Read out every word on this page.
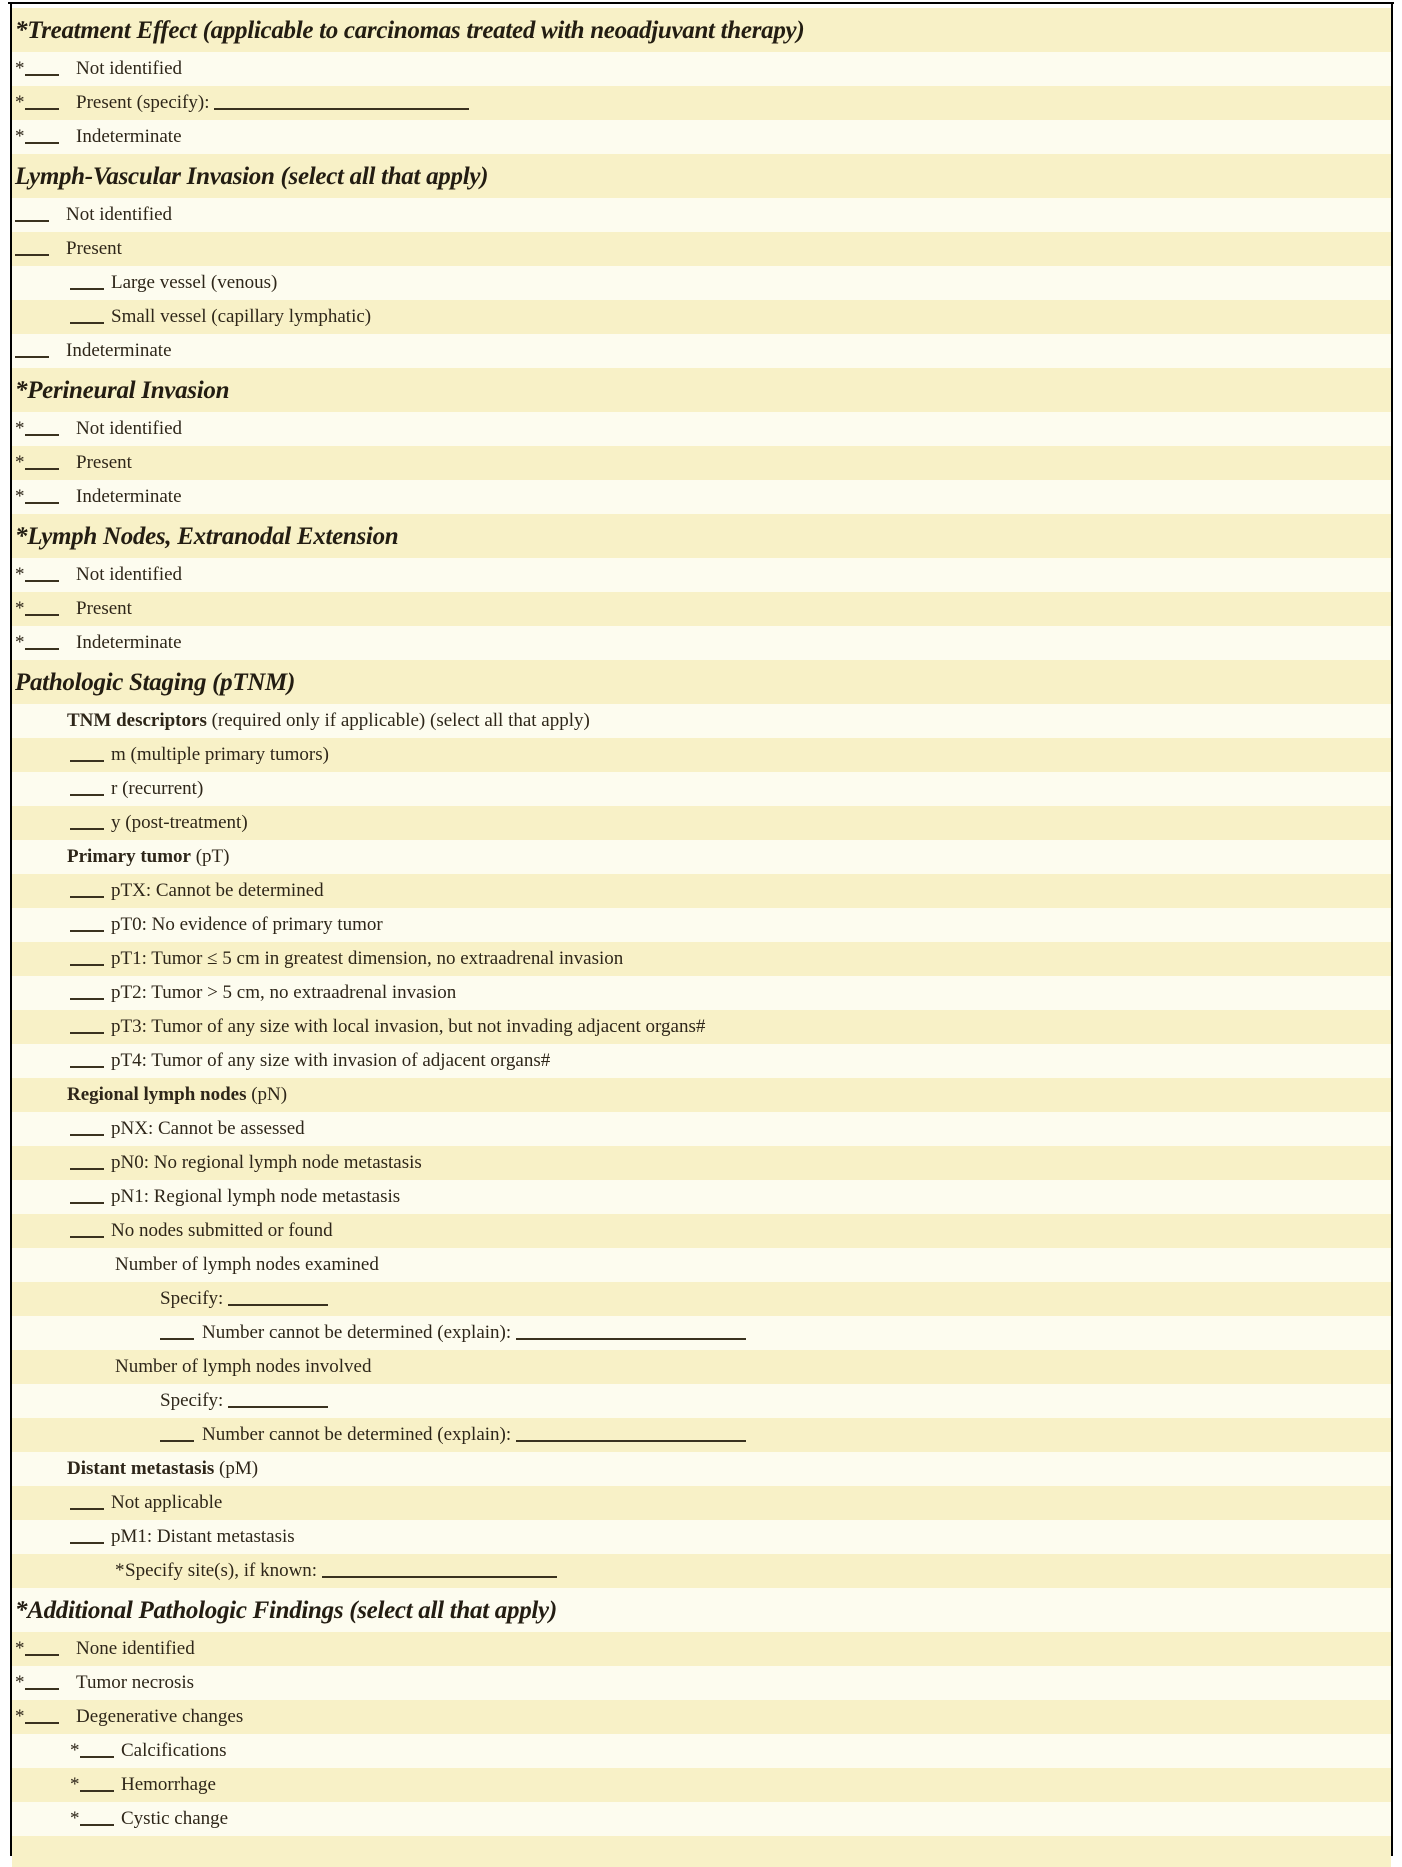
*Treatment Effect (applicable to carcinomas treated with neoadjuvant therapy)
*	Not identified
*	Present (specify):
*	Indeterminate
Lymph-Vascular Invasion (select all that apply)
Not identified
Present
Large vessel (venous)
Small vessel (capillary lymphatic)
Indeterminate
*Perineural Invasion
*	Not identified
*	Present
*	Indeterminate
*Lymph Nodes, Extranodal Extension
*	Not identified
*	Present
*	Indeterminate
Pathologic Staging (pTNM)
TNM descriptors (required only if applicable) (select all that apply)
m (multiple primary tumors)
r (recurrent)
y (post-treatment)
Primary tumor (pT)
pTX: Cannot be determined
pT0: No evidence of primary tumor
pT1: Tumor ≤ 5 cm in greatest dimension, no extraadrenal invasion
pT2: Tumor > 5 cm, no extraadrenal invasion
pT3: Tumor of any size with local invasion, but not invading adjacent organs#
pT4: Tumor of any size with invasion of adjacent organs#
Regional lymph nodes (pN)
pNX: Cannot be assessed
pN0: No regional lymph node metastasis
pN1: Regional lymph node metastasis
No nodes submitted or found
Number of lymph nodes examined
Specify:
Number cannot be determined (explain):
Number of lymph nodes involved
Specify:
Number cannot be determined (explain):
Distant metastasis (pM)
Not applicable
pM1: Distant metastasis
*Specify site(s), if known:
*Additional Pathologic Findings (select all that apply)
*	None identified
*	Tumor necrosis
*	Degenerative changes
* Calcifications
* Hemorrhage
* Cystic change
